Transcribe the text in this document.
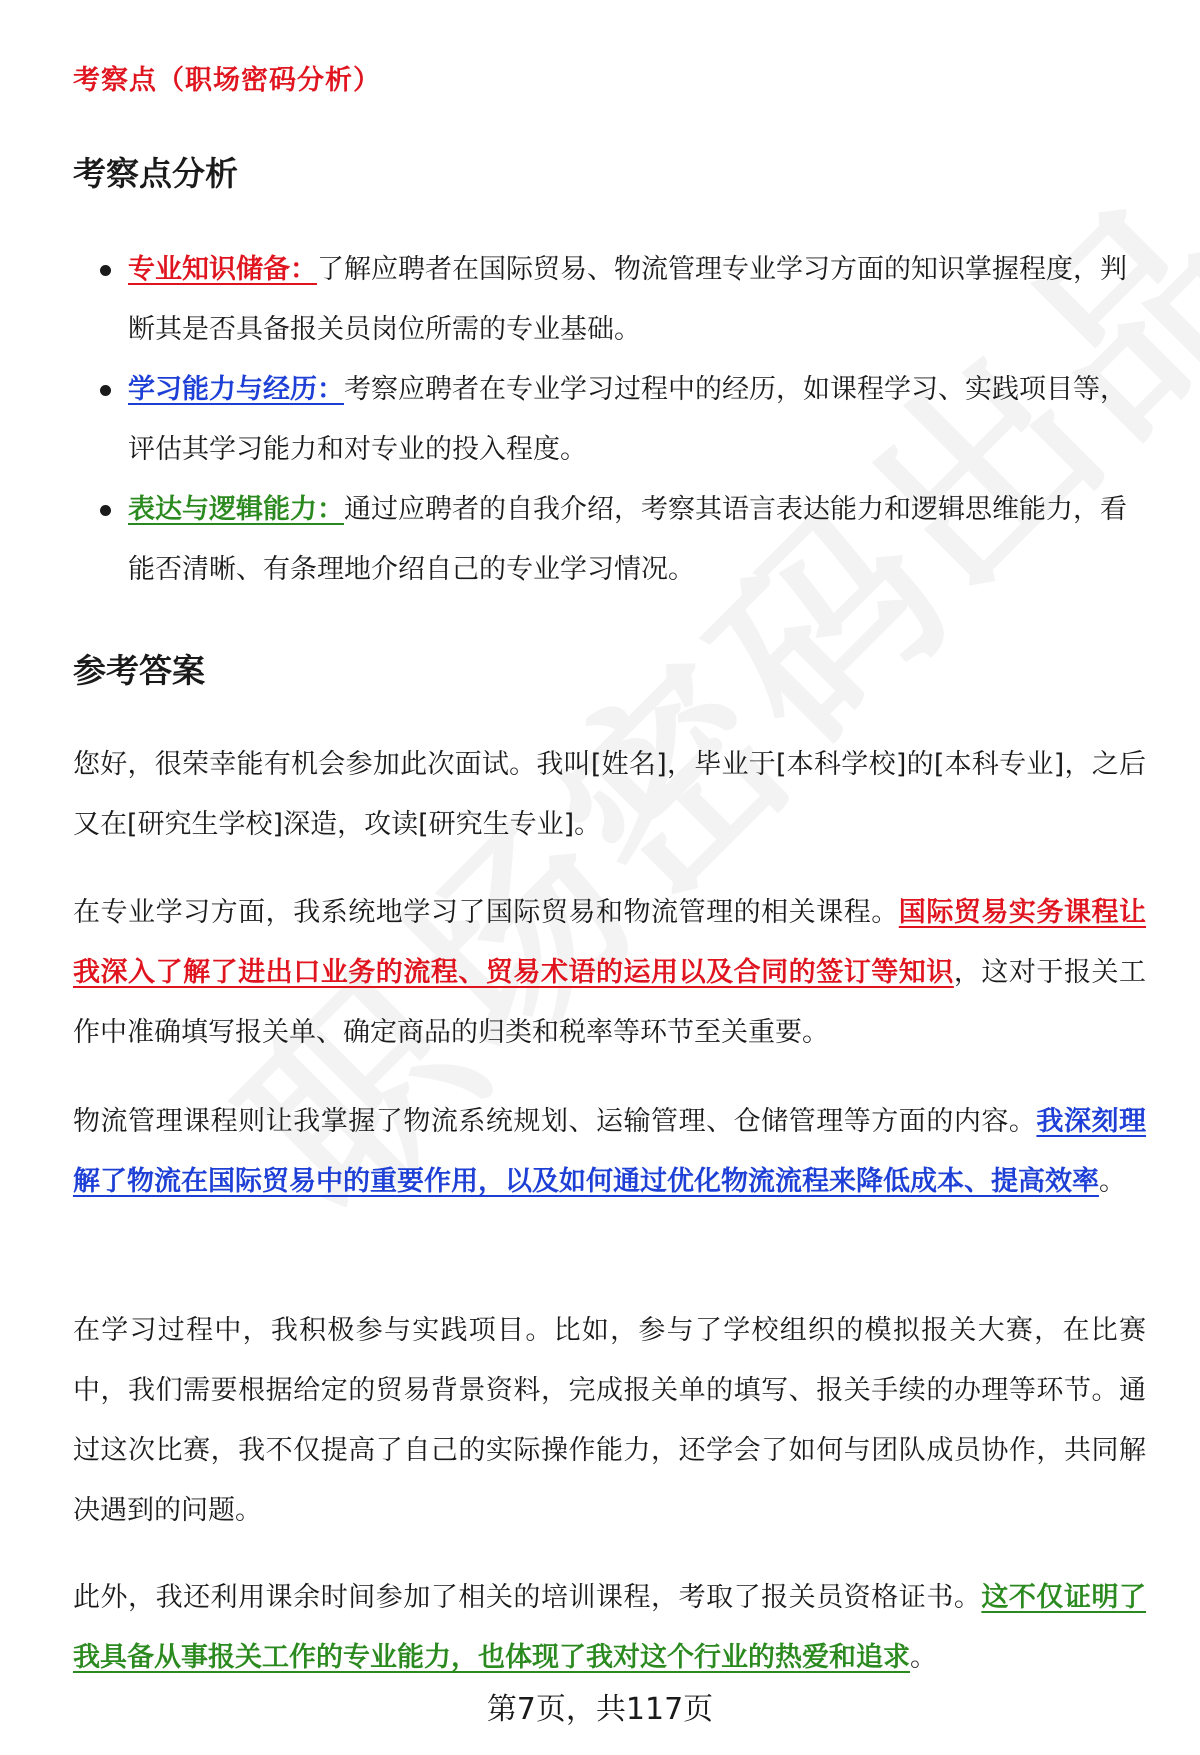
考察点（职场密码分析）
考察点分析
专业知识储备：了解应聘者在国际贸易、物流管理专业学习方面的知识掌握程度，判断其是否具备报关员岗位所需的专业基础。
学习能力与经历：考察应聘者在专业学习过程中的经历，如课程学习、实践项目等，评估其学习能力和对专业的投入程度。
表达与逻辑能力：通过应聘者的自我介绍，考察其语言表达能力和逻辑思维能力，看能否清晰、有条理地介绍自己的专业学习情况。
参考答案
您好，很荣幸能有机会参加此次面试。我叫[姓名]，毕业于[本科学校]的[本科专业]，之后又在[研究生学校]深造，攻读[研究生专业]。
在专业学习方面，我系统地学习了国际贸易和物流管理的相关课程。国际贸易实务课程让我深入了解了进出口业务的流程、贸易术语的运用以及合同的签订等知识，这对于报关工作中准确填写报关单、确定商品的归类和税率等环节至关重要。
物流管理课程则让我掌握了物流系统规划、运输管理、仓储管理等方面的内容。我深刻理解了物流在国际贸易中的重要作用，以及如何通过优化物流流程来降低成本、提高效率。
在学习过程中，我积极参与实践项目。比如，参与了学校组织的模拟报关大赛，在比赛中，我们需要根据给定的贸易背景资料，完成报关单的填写、报关手续的办理等环节。通过这次比赛，我不仅提高了自己的实际操作能力，还学会了如何与团队成员协作，共同解决遇到的问题。
此外，我还利用课余时间参加了相关的培训课程，考取了报关员资格证书。这不仅证明了我具备从事报关工作的专业能力，也体现了我对这个行业的热爱和追求。
第7页，共117页
